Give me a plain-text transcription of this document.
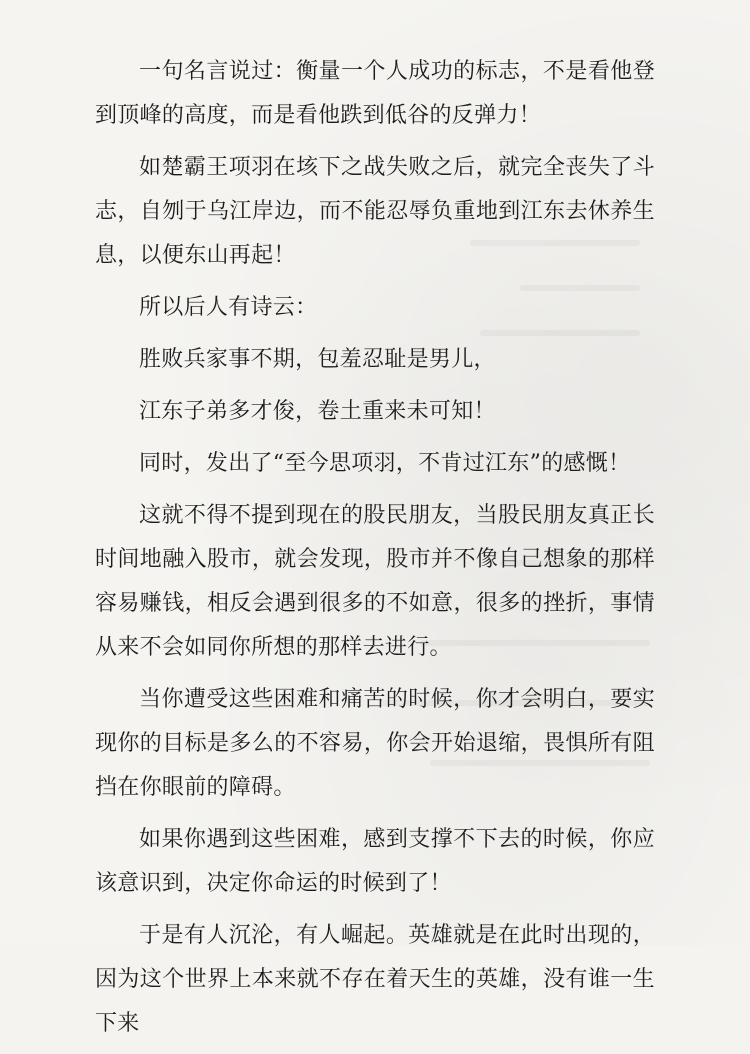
一句名言说过：衡量一个人成功的标志，不是看他登到顶峰的高度，而是看他跌到低谷的反弹力！

如楚霸王项羽在垓下之战失败之后，就完全丧失了斗志，自刎于乌江岸边，而不能忍辱负重地到江东去休养生息，以便东山再起！

所以后人有诗云：

胜败兵家事不期，包羞忍耻是男儿，

江东子弟多才俊，卷土重来未可知！

同时，发出了“至今思项羽，不肯过江东”的感慨！

这就不得不提到现在的股民朋友，当股民朋友真正长时间地融入股市，就会发现，股市并不像自己想象的那样容易赚钱，相反会遇到很多的不如意，很多的挫折，事情从来不会如同你所想的那样去进行。

当你遭受这些困难和痛苦的时候，你才会明白，要实现你的目标是多么的不容易，你会开始退缩，畏惧所有阻挡在你眼前的障碍。

如果你遇到这些困难，感到支撑不下去的时候，你应该意识到，决定你命运的时候到了！

于是有人沉沦，有人崛起。英雄就是在此时出现的，因为这个世界上本来就不存在着天生的英雄，没有谁一生下来
